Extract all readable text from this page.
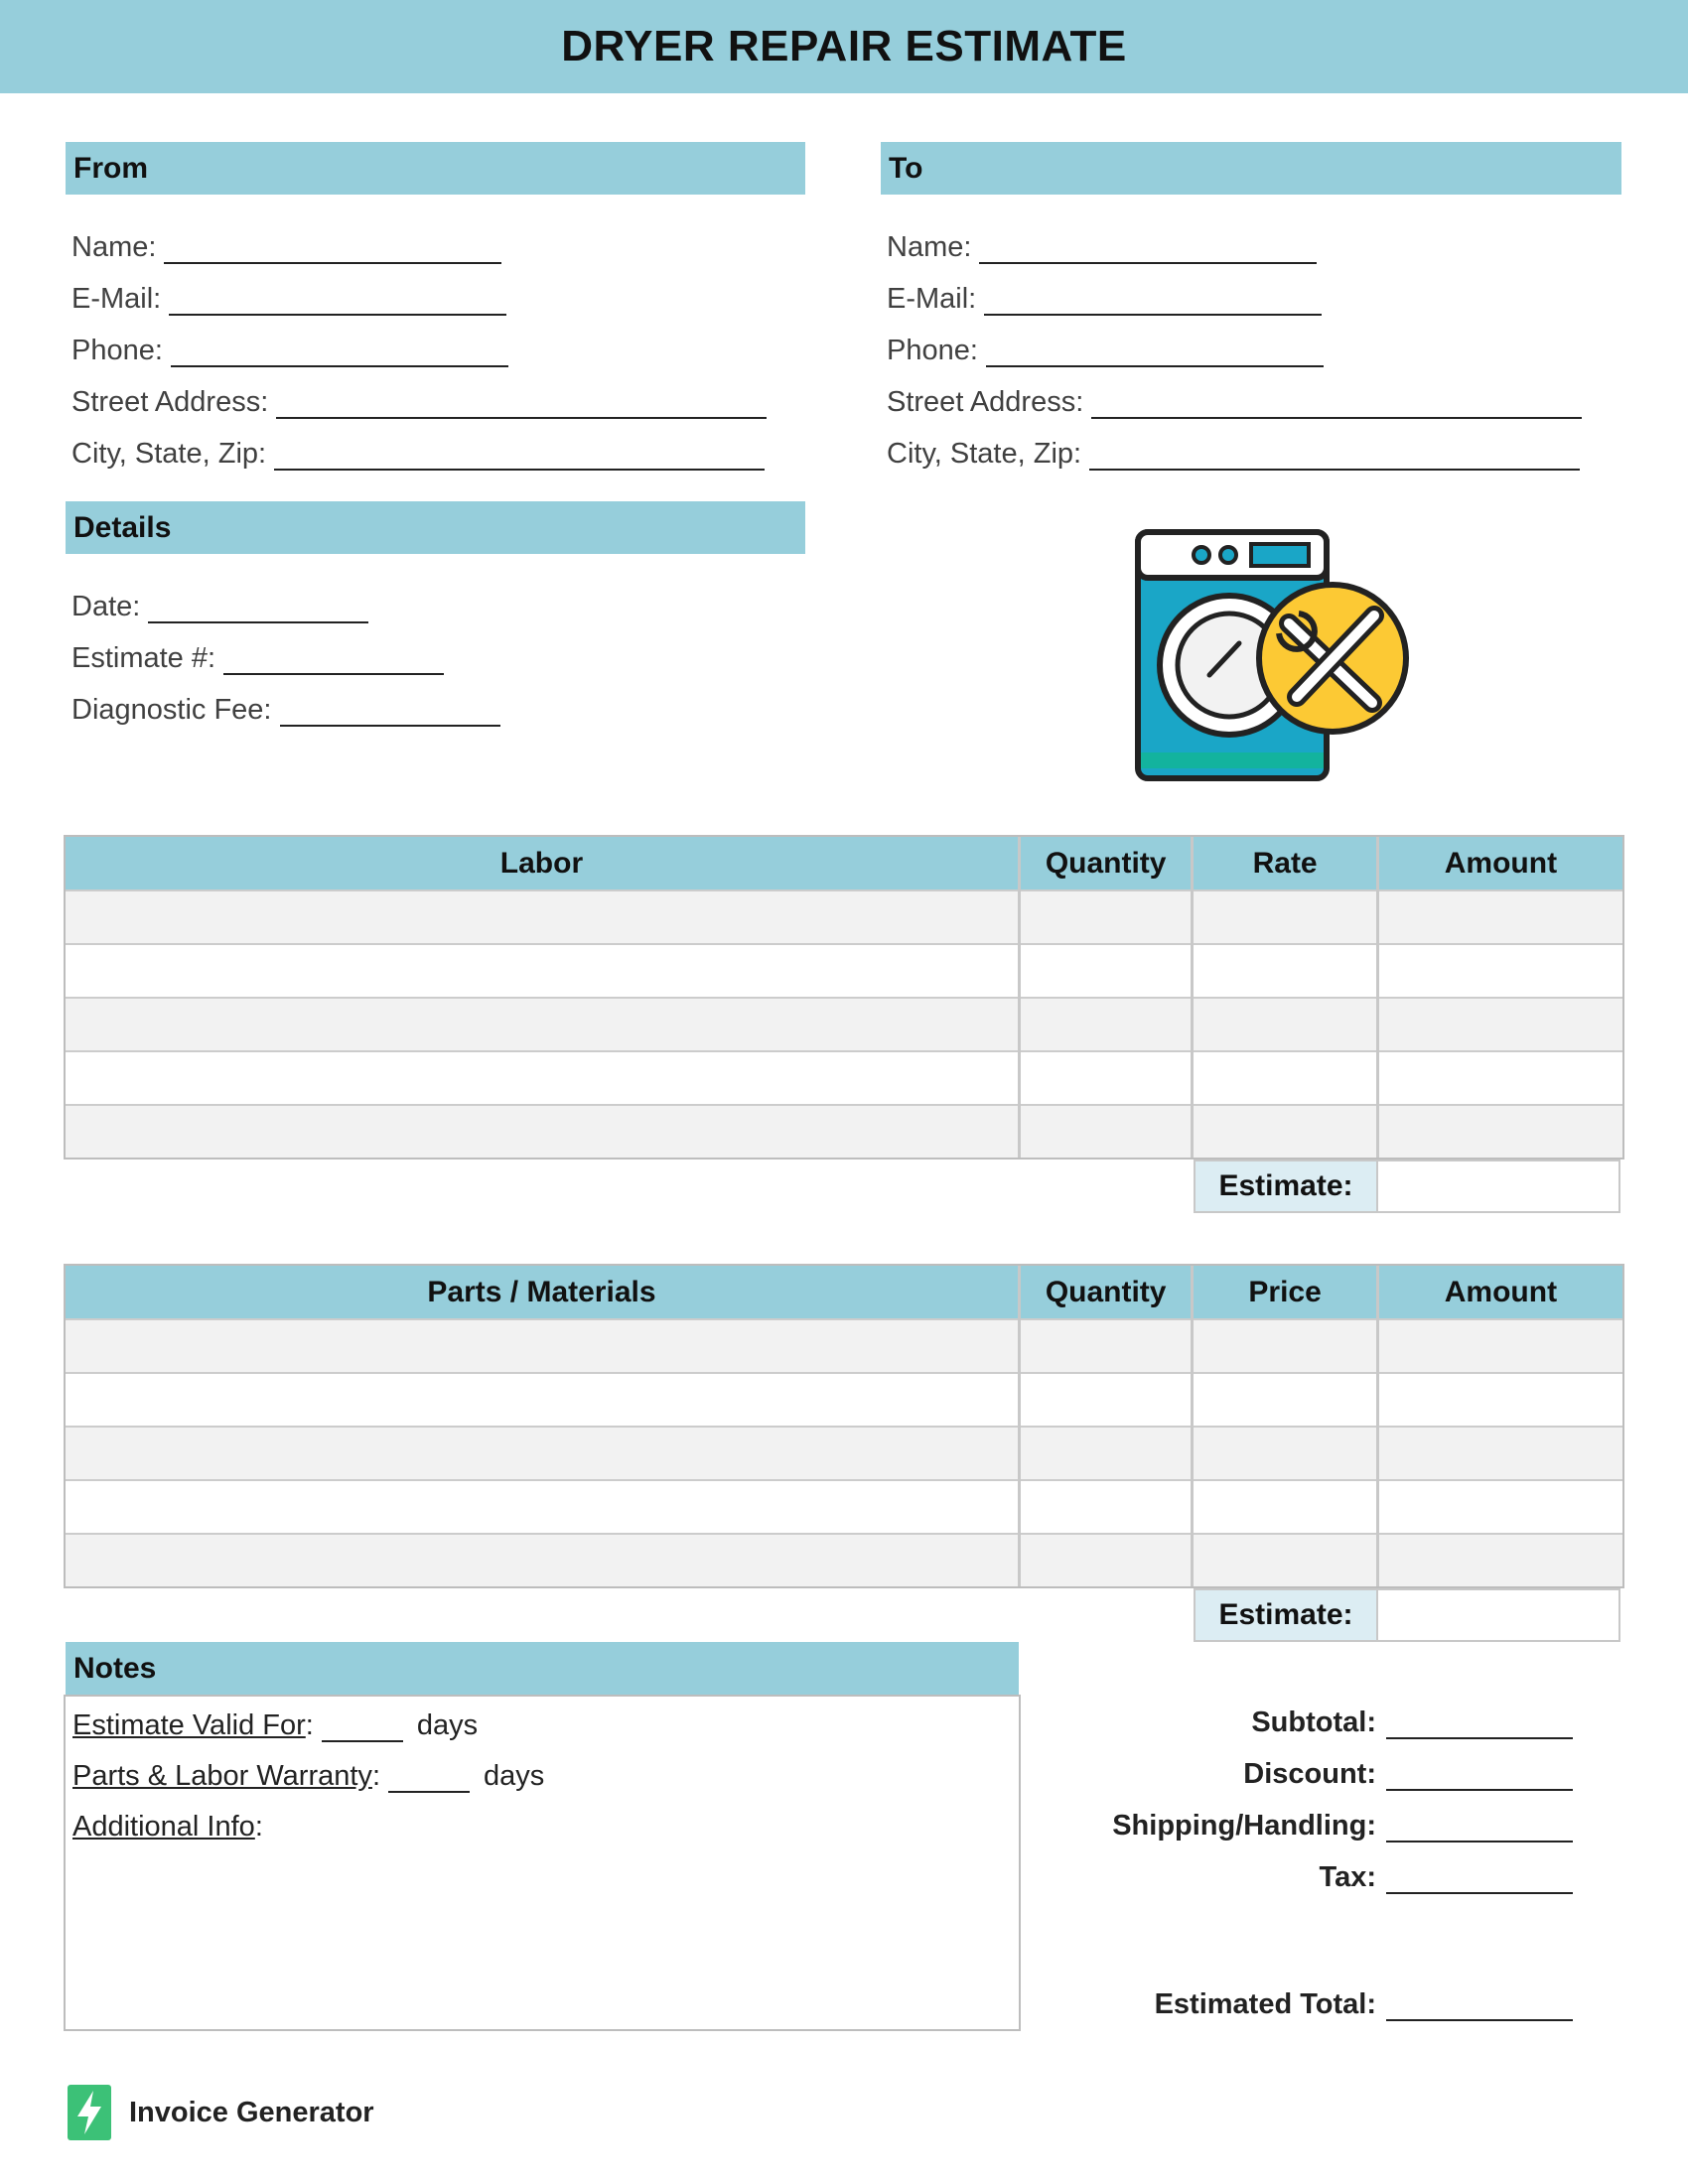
DRYER REPAIR ESTIMATE
From
Name:
E-Mail:
Phone:
Street Address:
City, State, Zip:
To
Name:
E-Mail:
Phone:
Street Address:
City, State, Zip:
Details
Date:
Estimate #:
Diagnostic Fee:
Labor	Quantity	Rate	Amount

Estimate:
Parts / Materials	Quantity	Price	Amount

Estimate:
Notes
Estimate Valid For :	days
Parts & Labor Warranty :	days
Additional Info :
Subtotal:
Discount:
Shipping/Handling:
Tax:
Estimated Total:
Invoice Generator
